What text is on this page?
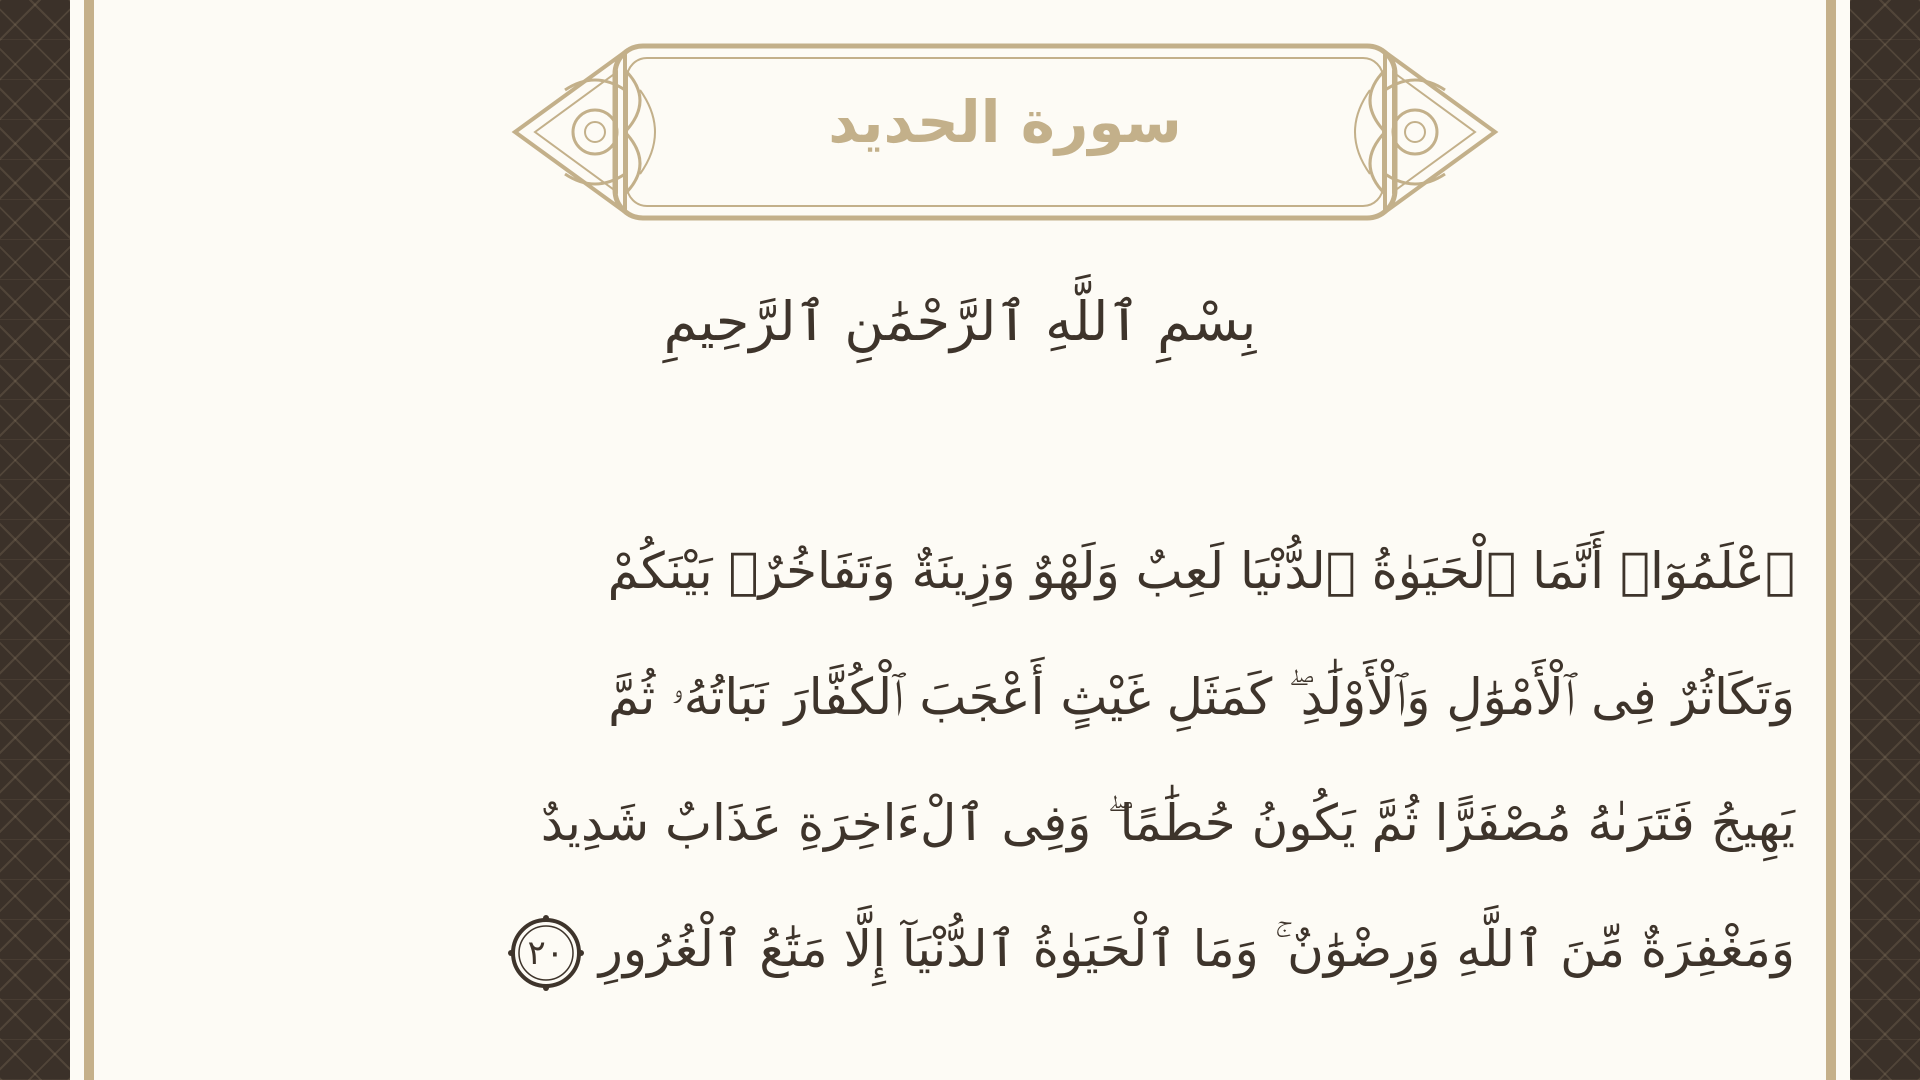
سورة الحديد
بِسْمِ ٱللَّهِ ٱلرَّحْمَٰنِ ٱلرَّحِيمِ
ٱعْلَمُوٓا۟ أَنَّمَا ٱلْحَيَوٰةُ ٱلدُّنْيَا لَعِبٌ وَلَهْوٌ وَزِينَةٌ وَتَفَاخُرٌۢ بَيْنَكُمْ
وَتَكَاثُرٌ فِى ٱلْأَمْوَٰلِ وَٱلْأَوْلَٰدِ ۖ كَمَثَلِ غَيْثٍ أَعْجَبَ ٱلْكُفَّارَ نَبَاتُهُۥ ثُمَّ
يَهِيجُ فَتَرَىٰهُ مُصْفَرًّا ثُمَّ يَكُونُ حُطَٰمًا ۖ وَفِى ٱلْءَاخِرَةِ عَذَابٌ شَدِيدٌ
وَمَغْفِرَةٌ مِّنَ ٱللَّهِ وَرِضْوَٰنٌ ۚ وَمَا ٱلْحَيَوٰةُ ٱلدُّنْيَآ إِلَّا مَتَٰعُ ٱلْغُرُورِ
٢٠
